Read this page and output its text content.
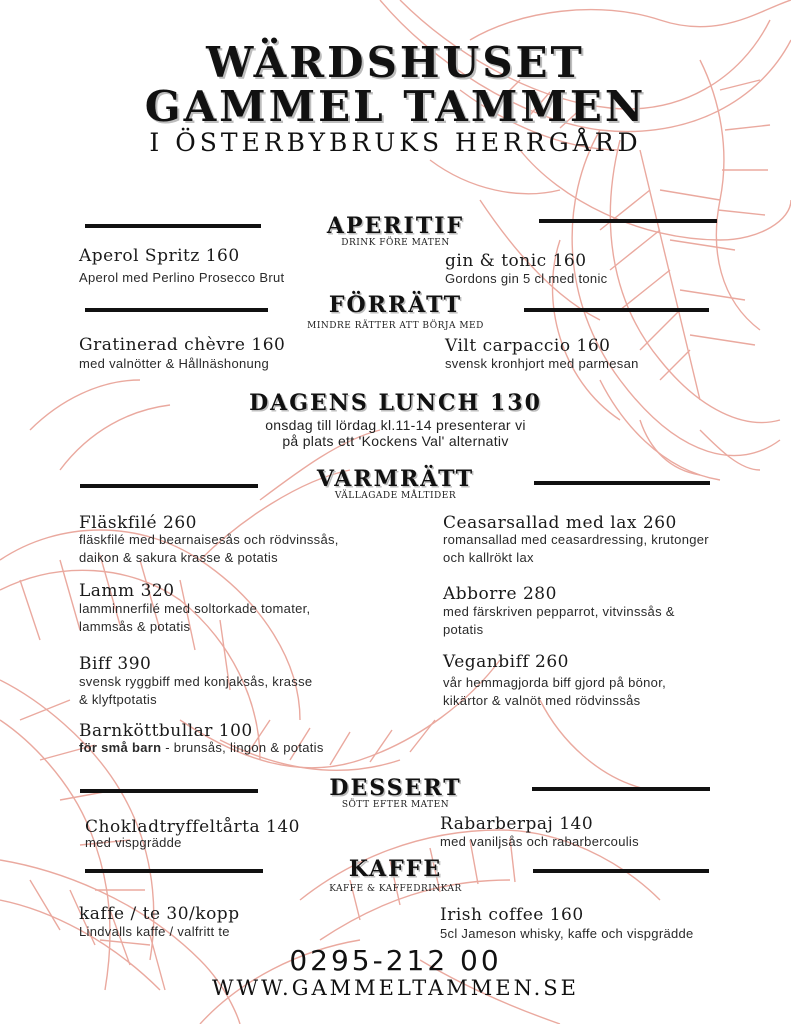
WÄRDSHUSET
GAMMEL TAMMEN
I ÖSTERBYBRUKS HERRGÅRD
APERITIF
DRINK FÖRE MATEN
Aperol Spritz 160
Aperol med Perlino Prosecco Brut
gin & tonic 160
Gordons gin 5 cl med tonic
FÖRRÄTT
MINDRE RÄTTER ATT BÖRJA MED
Gratinerad chèvre 160
med valnötter & Hållnäshonung
Vilt carpaccio 160
svensk kronhjort med parmesan
DAGENS LUNCH 130
onsdag till lördag kl.11-14 presenterar vi
på plats ett 'Kockens Val' alternativ
VARMRÄTT
VÄLLAGADE MÅLTIDER
Fläskfilé 260
fläskfilé med bearnaisesås och rödvinssås,
daikon & sakura krasse & potatis
Lamm 320
lamminnerfilé med soltorkade tomater,
lammsås & potatis
Biff 390
svensk ryggbiff med konjaksås, krasse
& klyftpotatis
Barnköttbullar 100
för små barn - brunsås, lingon & potatis
Ceasarsallad med lax 260
romansallad med ceasardressing, krutonger
och kallrökt lax
Abborre 280
med färskriven pepparrot, vitvinssås &
potatis
Veganbiff 260
vår hemmagjorda biff gjord på bönor,
kikärtor & valnöt med rödvinssås
DESSERT
SÖTT EFTER MATEN
Chokladtryffeltårta 140
med vispgrädde
Rabarberpaj 140
med vaniljsås och rabarbercoulis
KAFFE
KAFFE & KAFFEDRINKAR
kaffe / te 30/kopp
Lindvalls kaffe / valfritt te
Irish coffee 160
5cl Jameson whisky, kaffe och vispgrädde
0295-212 00
WWW.GAMMELTAMMEN.SE
